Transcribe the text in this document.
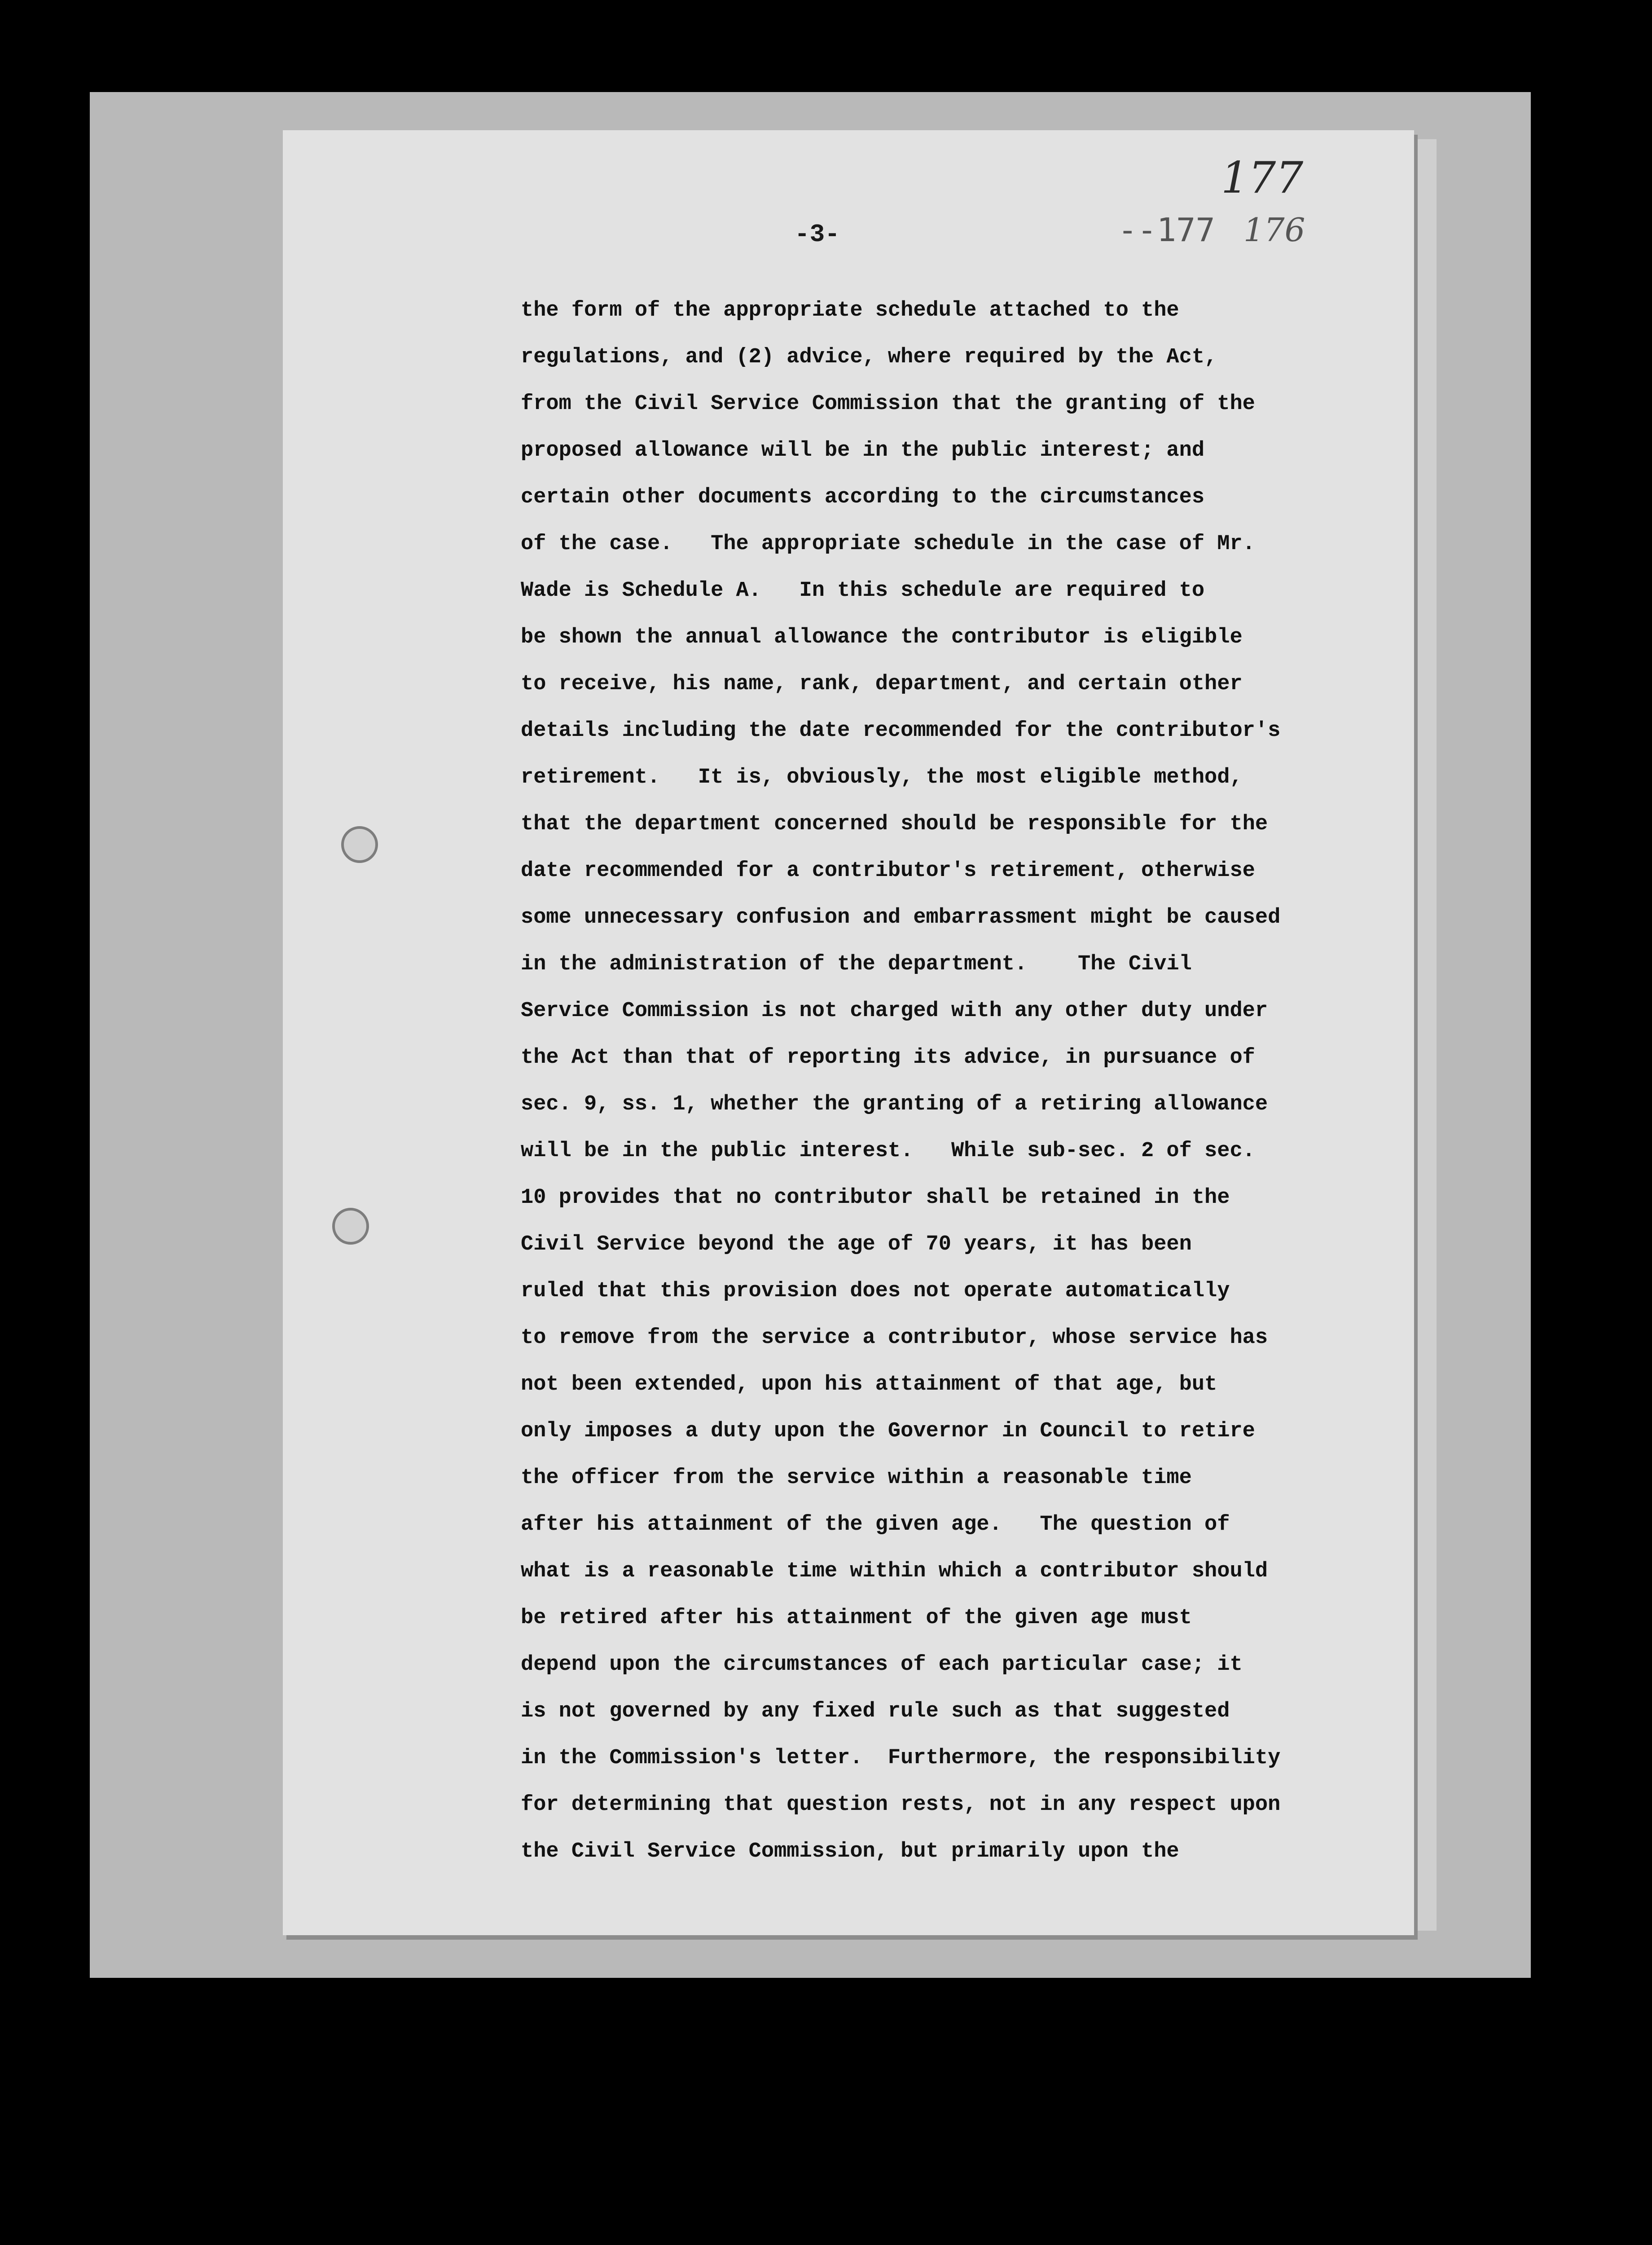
-3-
177
--177 176
the form of the appropriate schedule attached to the
regulations, and (2) advice, where required by the Act,
from the Civil Service Commission that the granting of the
proposed allowance will be in the public interest; and
certain other documents according to the circumstances
of the case.   The appropriate schedule in the case of Mr.
Wade is Schedule A.   In this schedule are required to
be shown the annual allowance the contributor is eligible
to receive, his name, rank, department, and certain other
details including the date recommended for the contributor's
retirement.   It is, obviously, the most eligible method,
that the department concerned should be responsible for the
date recommended for a contributor's retirement, otherwise
some unnecessary confusion and embarrassment might be caused
in the administration of the department.    The Civil
Service Commission is not charged with any other duty under
the Act than that of reporting its advice, in pursuance of
sec. 9, ss. 1, whether the granting of a retiring allowance
will be in the public interest.   While sub-sec. 2 of sec.
10 provides that no contributor shall be retained in the
Civil Service beyond the age of 70 years, it has been
ruled that this provision does not operate automatically
to remove from the service a contributor, whose service has
not been extended, upon his attainment of that age, but
only imposes a duty upon the Governor in Council to retire
the officer from the service within a reasonable time
after his attainment of the given age.   The question of
what is a reasonable time within which a contributor should
be retired after his attainment of the given age must
depend upon the circumstances of each particular case; it
is not governed by any fixed rule such as that suggested
in the Commission's letter.  Furthermore, the responsibility
for determining that question rests, not in any respect upon
the Civil Service Commission, but primarily upon the
